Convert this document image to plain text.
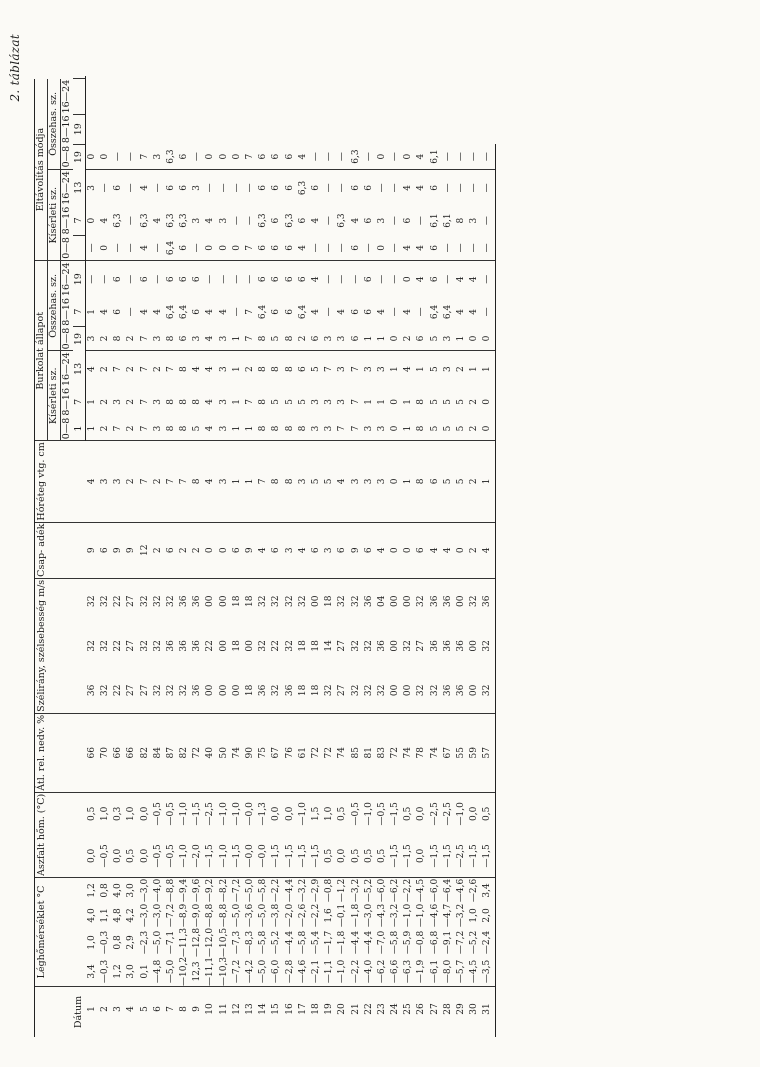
2. táblázat
Dátum	Léghőmérséklet °C				Aszfalt hőm. (°C)		Átl. rel. nedv. %	Szélirány, szélsebesség m/s			Csap- adék	Hóréteg vtg. cm	Burkolat állapot						Eltávolítás módja						
													Kísérleti sz.			Összehas. sz.			Kísérleti sz.			Összehas. sz.			
													0—8	8—16	16—24	0—8	8—16	16—24	0—8	8—16	16—24	0—8	8—16	16—24	
													1	7	13	19	7	19		7	13	19	19		
1	3,4	1,0	4,0	1,2	0,0	0,5	66	36	32	32	9	4	1	1	4	3	1	—	—	0	3	0			
2	—0,3	—0,3	1,1	0,8	—0,5	1,0	70	32	32	32	6	3	2	2	2	2	4	—	0	4	—	0			
3	1,2	0,8	4,8	4,0	0,0	0,3	66	22	22	22	9	3	7	3	7	8	6	6	—	6,3	6	—			
4	3,0	2,9	4,2	3,0	0,5	1,0	66	27	27	27	9	2	2	2	2	2	—	—	—	—	—	—			
5	0,1	—2,3	—3,0	—3,0	0,0	0,0	82	27	32	32	12	7	7	7	7	7	4	6	4	6,3	4	7			
6	—4,8	—5,0	—3,0	—4,0	—0,5	—0,5	84	32	32	32	2	2	3	3	2	3	4	—	—	4	—	3			
7	—5,0	—7,1	—7,2	—8,8	—0,5	—0,5	87	32	36	32	6	7	8	8	7	8	6,4	6	6,4	6,3	6	6,3			
8	—10,2	—11,3	—8,9	—9,4	—1,0	—1,0	82	32	36	36	2	7	8	8	8	6	6,4	6	6	6,3	6	6			
9	12,3	—12,8	—9,0	—9,6	—2,0	—1,5	72	36	36	36	2	8	5	8	4	3	6	6	—	3	3	—			
10	—11,1	—12,0	—8,8	—9,2	—1,5	—2,5	40	00	22	00	0	4	4	4	4	4	4	—	0	4	—	0			
11	—10,3	—10,5	—8,8	—8,2	—1,0	—1,0	50	00	00	00	0	3	3	3	3	3	4	—	0	3	—	0			
12	—7,2	—7,3	—5,0	—7,2	—1,5	—1,0	74	00	18	18	6	1	1	1	1	1	—	—	0	—	—	0			
13	—4,2	—8,3	—3,6	—5,0	—0,0	—0,0	90	18	00	18	9	1	1	7	2	7	7	—	7	—	—	7			
14	—5,0	—5,8	—5,0	—5,8	—0,0	—1,3	75	36	32	32	4	7	8	8	8	8	6,4	6	6	6,3	6	6			
15	—6,0	—5,2	—3,8	—2,2	—1,5	0,0	67	32	22	32	6	8	8	5	8	5	6	6	6	6	6	6			
16	—2,8	—4,4	—2,0	—4,4	—1,5	0,0	76	36	32	32	3	8	8	5	8	8	6	6	6	6,3	6	6			
17	—4,6	—5,8	—2,6	—3,2	—1,5	—1,0	61	18	18	32	4	3	8	5	6	2	6,4	6	4	6	6,3	4			
18	—2,1	—5,4	—2,2	—2,9	—1,5	1,5	72	18	18	00	6	5	3	3	5	6	4	4	—	4	6	—			
19	—1,1	—1,7	1,6	—0,8	0,5	1,0	72	32	14	18	3	5	3	3	7	3	—	—	—	—	—	—			
20	—1,0	—1,8	—0,1	—1,2	0,0	0,5	74	27	27	32	6	4	7	3	3	3	4	—	—	6,3	—	—			
21	—2,2	—4,4	—1,8	—3,2	0,5	—0,5	85	32	32	32	9	3	7	7	7	6	6	—	6	4	6	6,3			
22	—4,0	—4,4	—3,0	—5,2	0,5	—1,0	81	32	32	36	6	3	3	1	3	1	6	6	—	6	6	—			
23	—6,2	—7,0	—4,3	—6,0	0,5	—0,5	83	32	36	04	4	3	3	1	3	1	4	—	0	3	—	0			
24	—6,6	—5,8	—3,2	—6,2	—1,5	—1,5	72	00	00	00	0	0	0	0	1	0	—	—	—	—	—	—			
25	—6,3	—5,9	—1,0	—2,2	—1,5	0,5	74	00	32	00	0	1	1	1	4	2	4	0	4	6	4	0			
26	—1,9	—0,8	—1,0	—4,5	0,0	0,0	78	32	27	32	6	8	8	8	1	6	—	4	4	—	4	4			
27	—6,1	—6,8	—4,6	—6,0	—1,5	—2,5	74	32	36	36	4	6	5	5	5	5	6,4	6	6	6,1	6	6,1			
28	—8,0	—9,1	—4,7	—6,4	—1,5	—2,5	67	36	36	36	4	5	5	5	3	3	6,4	—	—	6,1	—	—			
29	—5,7	—7,2	—3,2	—4,6	—2,5	—1,0	55	36	36	00	0	5	5	5	2	1	4	4	—	8	—	—			
30	—4,5	—5,2	1,0	—2,6	—1,5	0,0	59	00	00	32	2	2	2	2	1	0	4	4	—	3	—	—			
31	—3,5	—2,4	2,0	3,4	—1,5	0,5	57	32	32	36	4	1	0	0	1	0	—	—	—	—	—	—			
